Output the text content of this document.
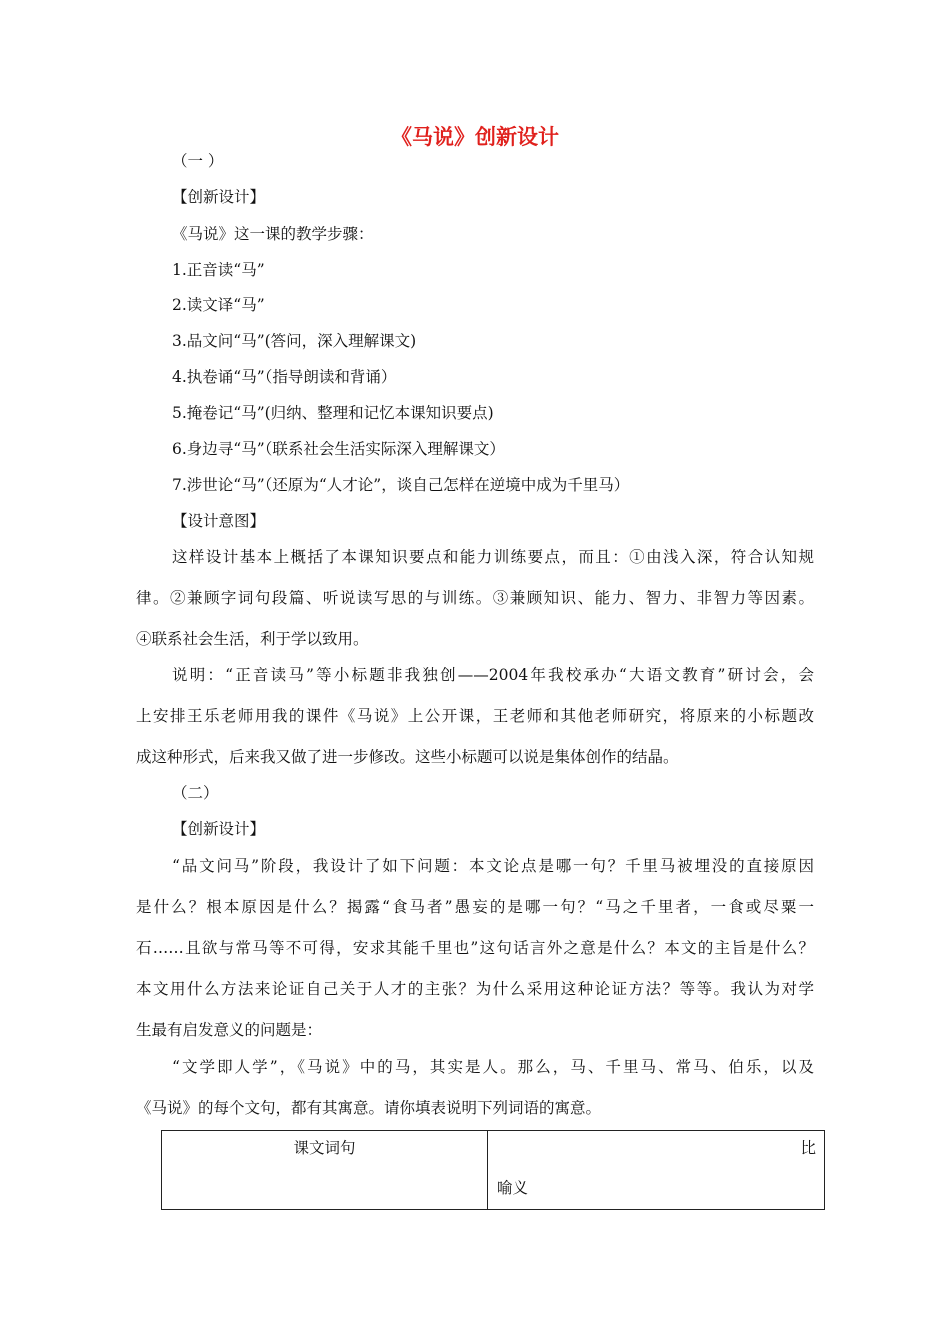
《马说》创新设计
（一 ）
【创新设计】
《马说》这一课的教学步骤：
1.正音读“马”
2.读文译“马”
3.品文问“马”(答问，深入理解课文)
4.执卷诵“马”（指导朗读和背诵）
5.掩卷记“马”(归纳、整理和记忆本课知识要点)
6.身边寻“马”（联系社会生活实际深入理解课文）
7.涉世论“马”（还原为“人才论”，谈自己怎样在逆境中成为千里马）
【设计意图】
这样设计基本上概括了本课知识要点和能力训练要点，而且：①由浅入深，符合认知规
律。②兼顾字词句段篇、听说读写思的与训练。③兼顾知识、能力、智力、非智力等因素。
④联系社会生活，利于学以致用。
说明：“正音读马”等小标题非我独创——2004年我校承办“大语文教育”研讨会，会
上安排王乐老师用我的课件《马说》上公开课，王老师和其他老师研究，将原来的小标题改
成这种形式，后来我又做了进一步修改。这些小标题可以说是集体创作的结晶。
（二）
【创新设计】
“品文问马”阶段，我设计了如下问题：本文论点是哪一句？千里马被埋没的直接原因
是什么？根本原因是什么？揭露“食马者”愚妄的是哪一句？“马之千里者，一食或尽粟一
石……且欲与常马等不可得，安求其能千里也”这句话言外之意是什么？本文的主旨是什么？
本文用什么方法来论证自己关于人才的主张？为什么采用这种论证方法？等等。我认为对学
生最有启发意义的问题是：
“文学即人学”，《马说》中的马，其实是人。那么，马、千里马、常马、伯乐，以及
《马说》的每个文句，都有其寓意。请你填表说明下列词语的寓意。
课文词句	比
喻义
